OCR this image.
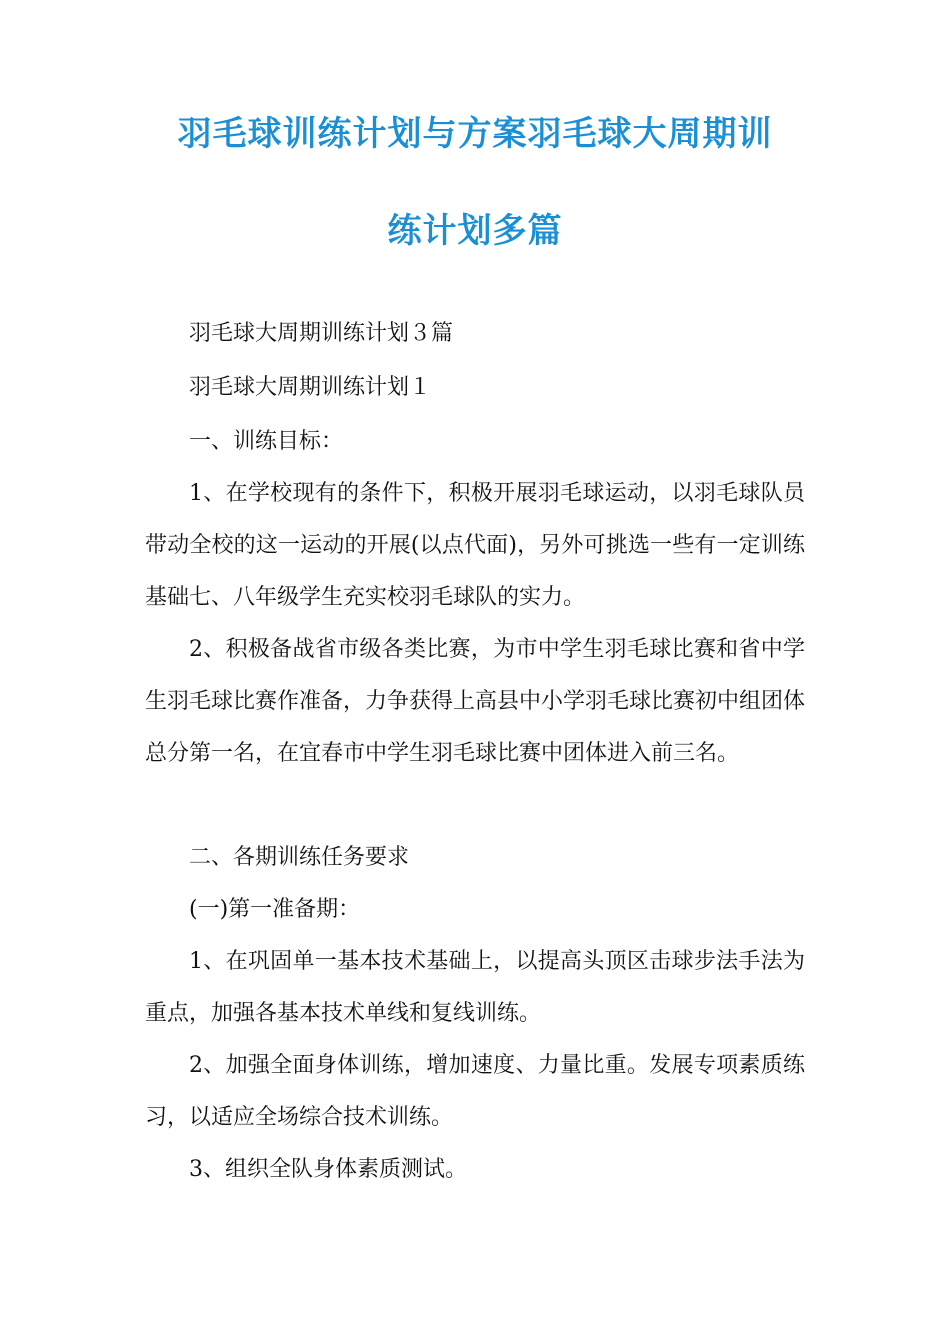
羽毛球训练计划与方案羽毛球大周期训
练计划多篇

羽毛球大周期训练计划３篇

羽毛球大周期训练计划１

一、训练目标：

1、在学校现有的条件下，积极开展羽毛球运动，以羽毛球队员带动全校的这一运动的开展(以点代面)，另外可挑选一些有一定训练基础七、八年级学生充实校羽毛球队的实力。

2、积极备战省市级各类比赛，为市中学生羽毛球比赛和省中学生羽毛球比赛作准备，力争获得上高县中小学羽毛球比赛初中组团体总分第一名，在宜春市中学生羽毛球比赛中团体进入前三名。

二、各期训练任务要求

(一)第一准备期：

1、在巩固单一基本技术基础上，以提高头顶区击球步法手法为重点，加强各基本技术单线和复线训练。

2、加强全面身体训练，增加速度、力量比重。发展专项素质练习，以适应全场综合技术训练。

3、组织全队身体素质测试。
